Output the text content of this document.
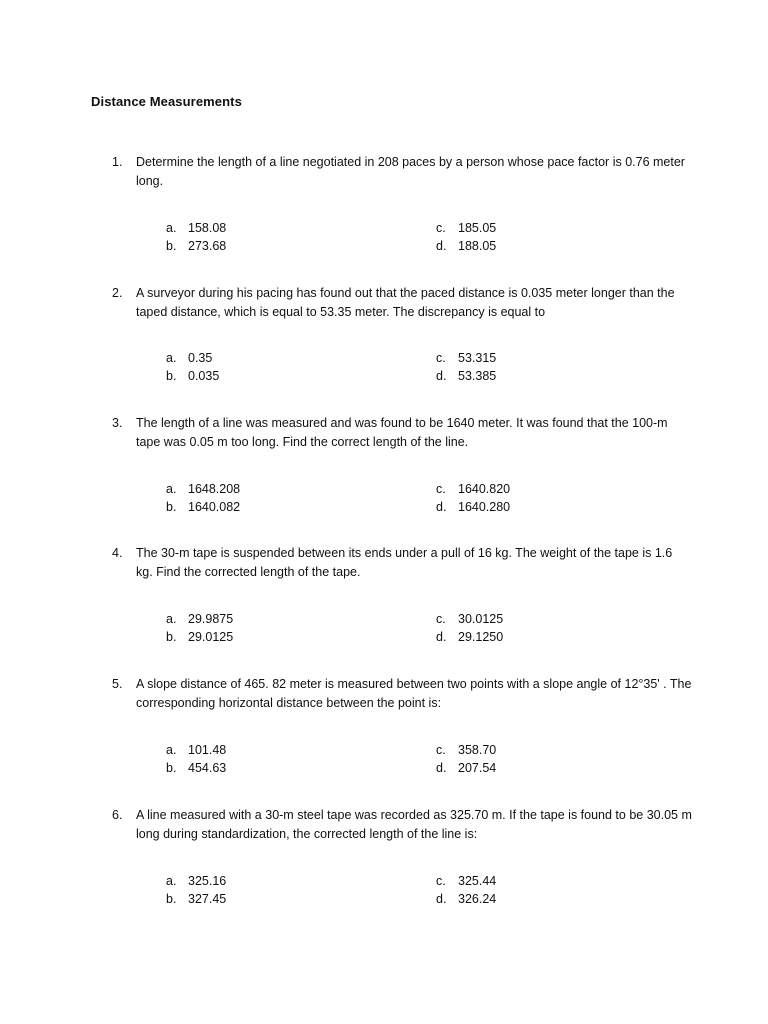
Distance Measurements
1. Determine the length of a line negotiated in 208 paces by a person whose pace factor is 0.76 meter long.
a. 158.08
b. 273.68
c. 185.05
d. 188.05
2. A surveyor during his pacing has found out that the paced distance is 0.035 meter longer than the taped distance, which is equal to 53.35 meter. The discrepancy is equal to
a. 0.35
b. 0.035
c. 53.315
d. 53.385
3. The length of a line was measured and was found to be 1640 meter. It was found that the 100-m tape was 0.05 m too long. Find the correct length of the line.
a. 1648.208
b. 1640.082
c. 1640.820
d. 1640.280
4. The 30-m tape is suspended between its ends under a pull of 16 kg. The weight of the tape is 1.6 kg. Find the corrected length of the tape.
a. 29.9875
b. 29.0125
c. 30.0125
d. 29.1250
5. A slope distance of 465. 82 meter is measured between two points with a slope angle of 12°35' . The corresponding horizontal distance between the point is:
a. 101.48
b. 454.63
c. 358.70
d. 207.54
6. A line measured with a 30-m steel tape was recorded as 325.70 m. If the tape is found to be 30.05 m long during standardization, the corrected length of the line is:
a. 325.16
b. 327.45
c. 325.44
d. 326.24
